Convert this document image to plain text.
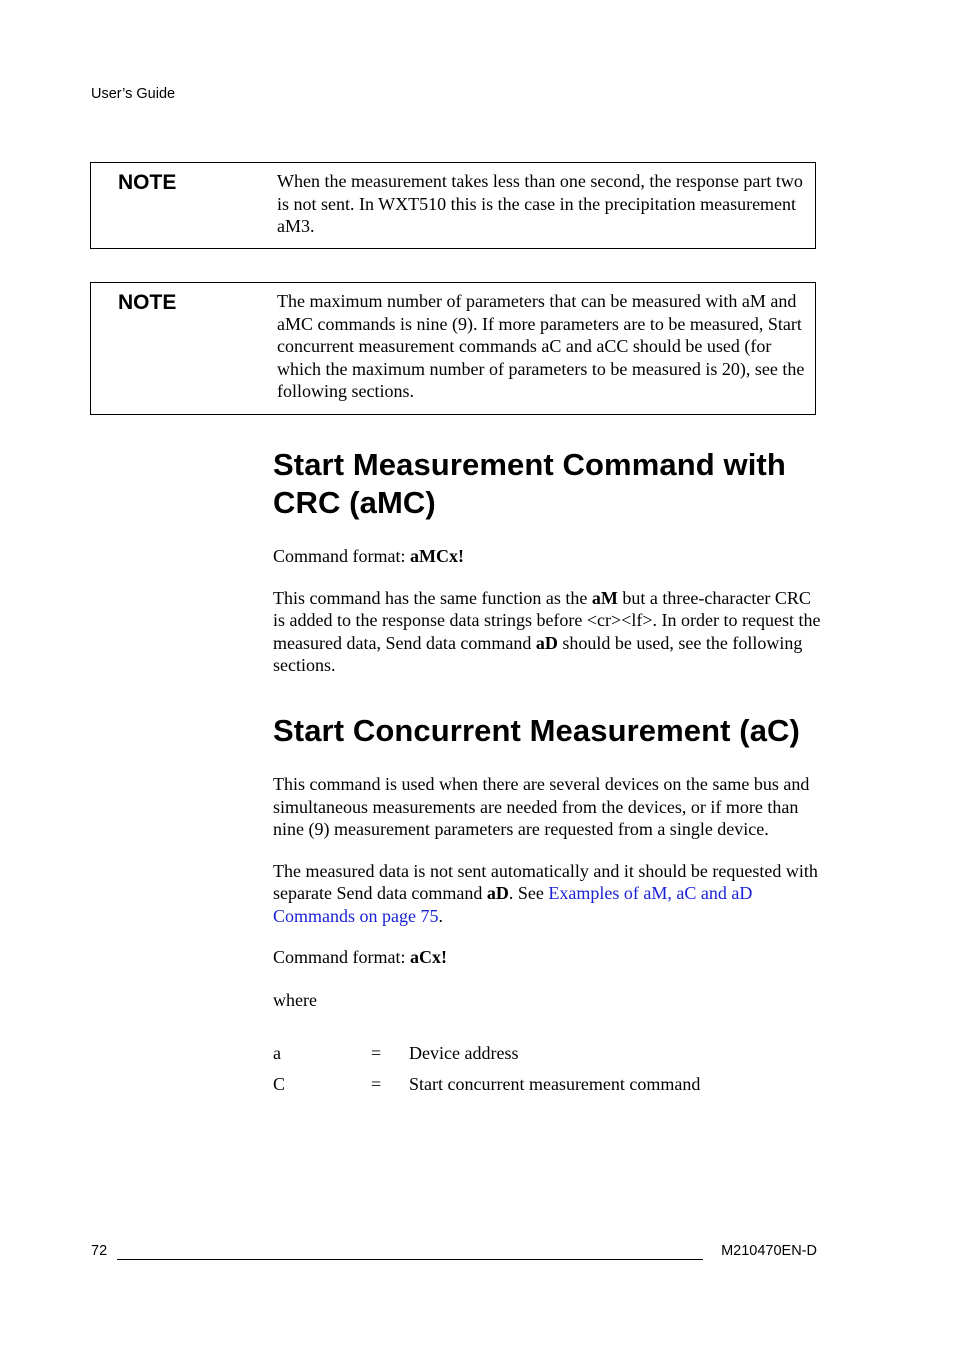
User’s Guide
NOTE	When the measurement takes less than one second, the response part two is not sent. In WXT510 this is the case in the precipitation measurement aM3.
NOTE	The maximum number of parameters that can be measured with aM and aMC commands is nine (9). If more parameters are to be measured, Start concurrent measurement commands aC and aCC should be used (for which the maximum number of parameters to be measured is 20), see the following sections.
Start Measurement Command with CRC (aMC)

Command format: aMCx!

This command has the same function as the aM but a three-character CRC is added to the response data strings before <cr><lf>. In order to request the measured data, Send data command aD should be used, see the following sections.

Start Concurrent Measurement (aC)

This command is used when there are several devices on the same bus and simultaneous measurements are needed from the devices, or if more than nine (9) measurement parameters are requested from a single device.

The measured data is not sent automatically and it should be requested with separate Send data command aD. See Examples of aM, aC and aD Commands on page 75.

Command format: aCx!

where

a	= Device address
C	= Start concurrent measurement command
72	M210470EN-D
